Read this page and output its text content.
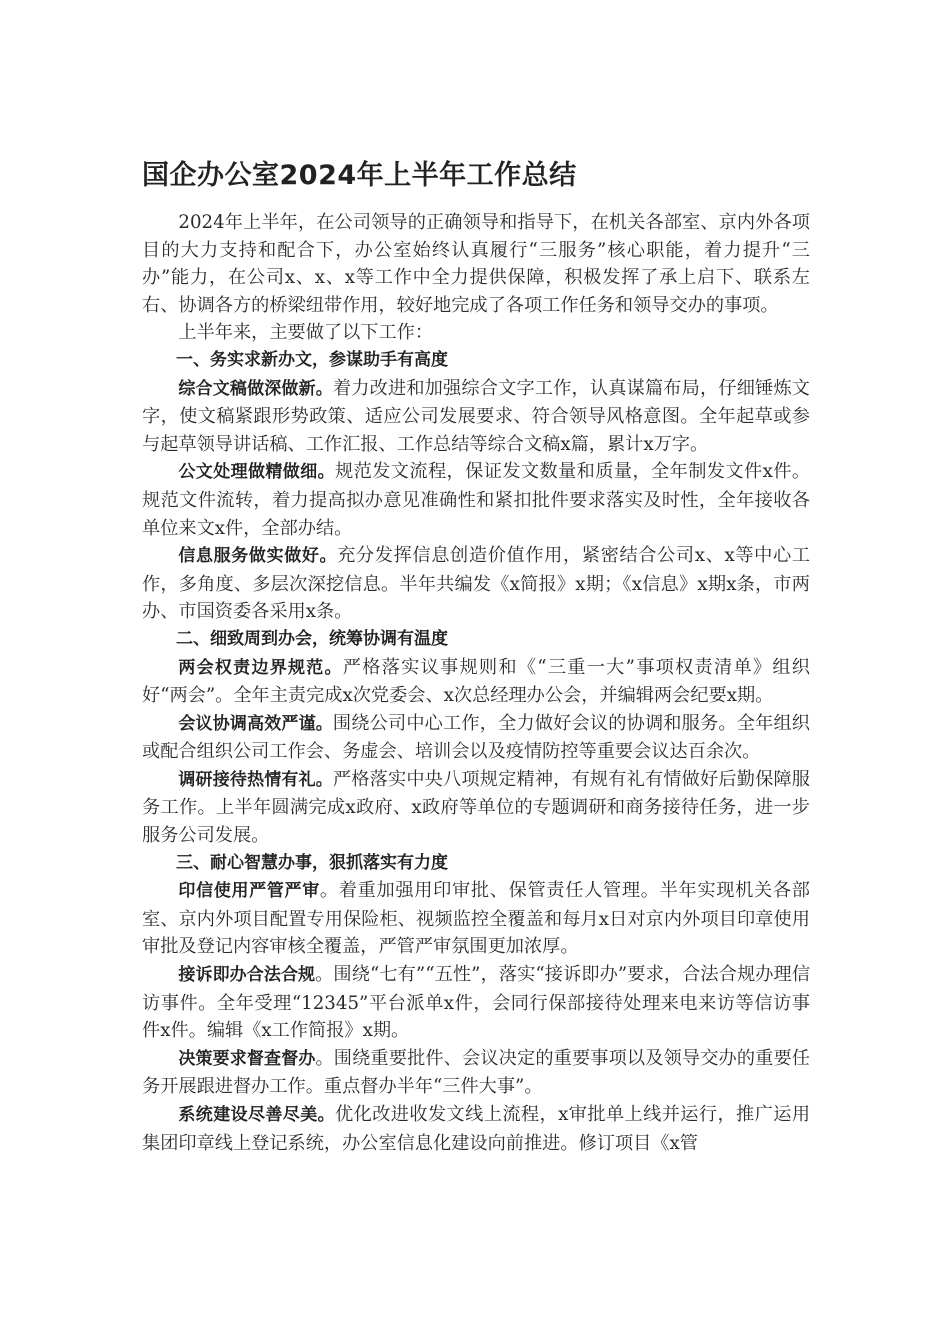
国企办公室2024年上半年工作总结

2024年上半年，在公司领导的正确领导和指导下，在机关各部室、京内外各项目的大力支持和配合下，办公室始终认真履行“三服务”核心职能，着力提升“三办”能力，在公司x、x、x等工作中全力提供保障，积极发挥了承上启下、联系左右、协调各方的桥梁纽带作用，较好地完成了各项工作任务和领导交办的事项。

上半年来，主要做了以下工作：

一、务实求新办文，参谋助手有高度

综合文稿做深做新。着力改进和加强综合文字工作，认真谋篇布局，仔细锤炼文字，使文稿紧跟形势政策、适应公司发展要求、符合领导风格意图。全年起草或参与起草领导讲话稿、工作汇报、工作总结等综合文稿x篇，累计x万字。

公文处理做精做细。规范发文流程，保证发文数量和质量，全年制发文件x件。规范文件流转，着力提高拟办意见准确性和紧扣批件要求落实及时性，全年接收各单位来文x件，全部办结。

信息服务做实做好。充分发挥信息创造价值作用，紧密结合公司x、x等中心工作，多角度、多层次深挖信息。半年共编发《x简报》x期；《x信息》x期x条，市两办、市国资委各采用x条。

二、细致周到办会，统筹协调有温度

两会权责边界规范。严格落实议事规则和《“三重一大”事项权责清单》组织好“两会”。全年主责完成x次党委会、x次总经理办公会，并编辑两会纪要x期。

会议协调高效严谨。围绕公司中心工作，全力做好会议的协调和服务。全年组织或配合组织公司工作会、务虚会、培训会以及疫情防控等重要会议达百余次。

调研接待热情有礼。严格落实中央八项规定精神，有规有礼有情做好后勤保障服务工作。上半年圆满完成x政府、x政府等单位的专题调研和商务接待任务，进一步服务公司发展。

三、耐心智慧办事，狠抓落实有力度

印信使用严管严审。着重加强用印审批、保管责任人管理。半年实现机关各部室、京内外项目配置专用保险柜、视频监控全覆盖和每月x日对京内外项目印章使用审批及登记内容审核全覆盖，严管严审氛围更加浓厚。

接诉即办合法合规。围绕“七有”“五性”，落实“接诉即办”要求，合法合规办理信访事件。全年受理“12345”平台派单x件，会同行保部接待处理来电来访等信访事件x件。编辑《x工作简报》x期。

决策要求督查督办。围绕重要批件、会议决定的重要事项以及领导交办的重要任务开展跟进督办工作。重点督办半年“三件大事”。

系统建设尽善尽美。优化改进收发文线上流程，x审批单上线并运行，推广运用集团印章线上登记系统，办公室信息化建设向前推进。修订项目《x管
